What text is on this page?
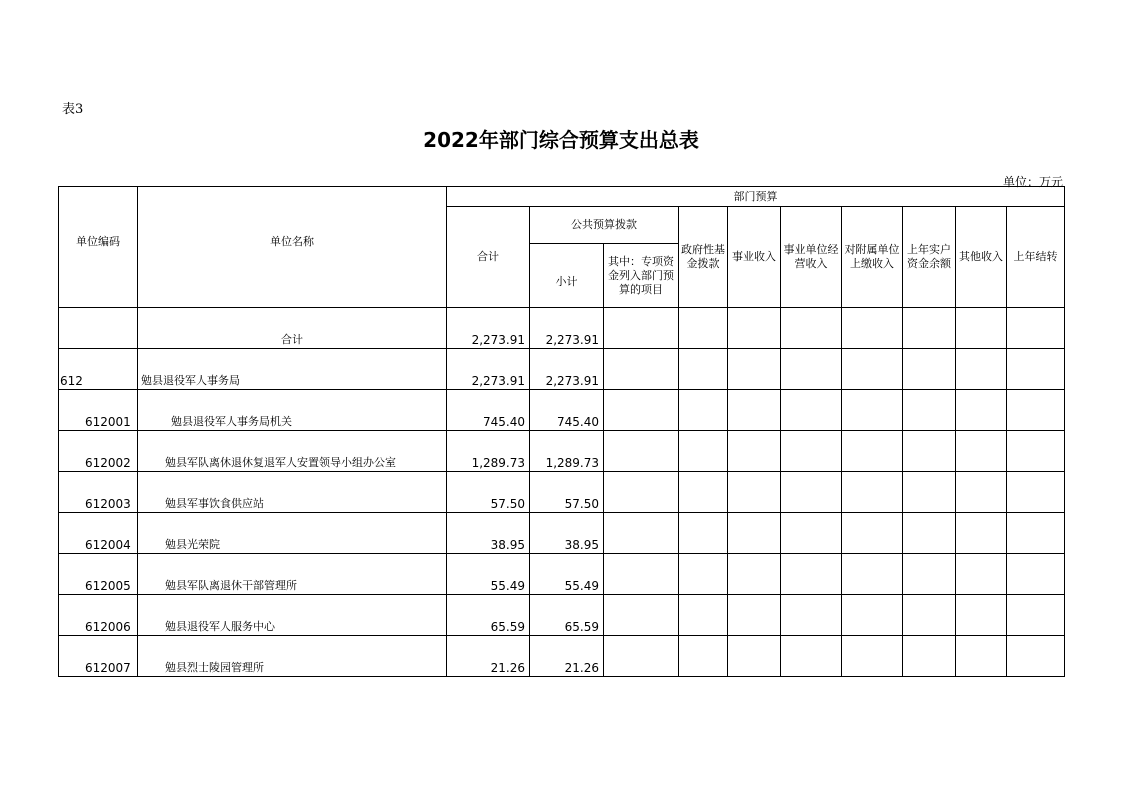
表3
2022年部门综合预算支出总表
单位：万元
单位编码	单位名称	部门预算									
		合计	公共预算拨款		政府性基金拨款	事业收入	事业单位经营收入	对附属单位上缴收入	上年实户资金余额	其他收入	上年结转
			小计	其中：专项资金列入部门预算的项目							
	合计	2,273.91	2,273.91								
612	勉县退役军人事务局	2,273.91	2,273.91								
612001	勉县退役军人事务局机关	745.40	745.40								
612002	勉县军队离休退休复退军人安置领导小组办公室	1,289.73	1,289.73								
612003	勉县军事饮食供应站	57.50	57.50								
612004	勉县光荣院	38.95	38.95								
612005	勉县军队离退休干部管理所	55.49	55.49								
612006	勉县退役军人服务中心	65.59	65.59								
612007	勉县烈士陵园管理所	21.26	21.26								
